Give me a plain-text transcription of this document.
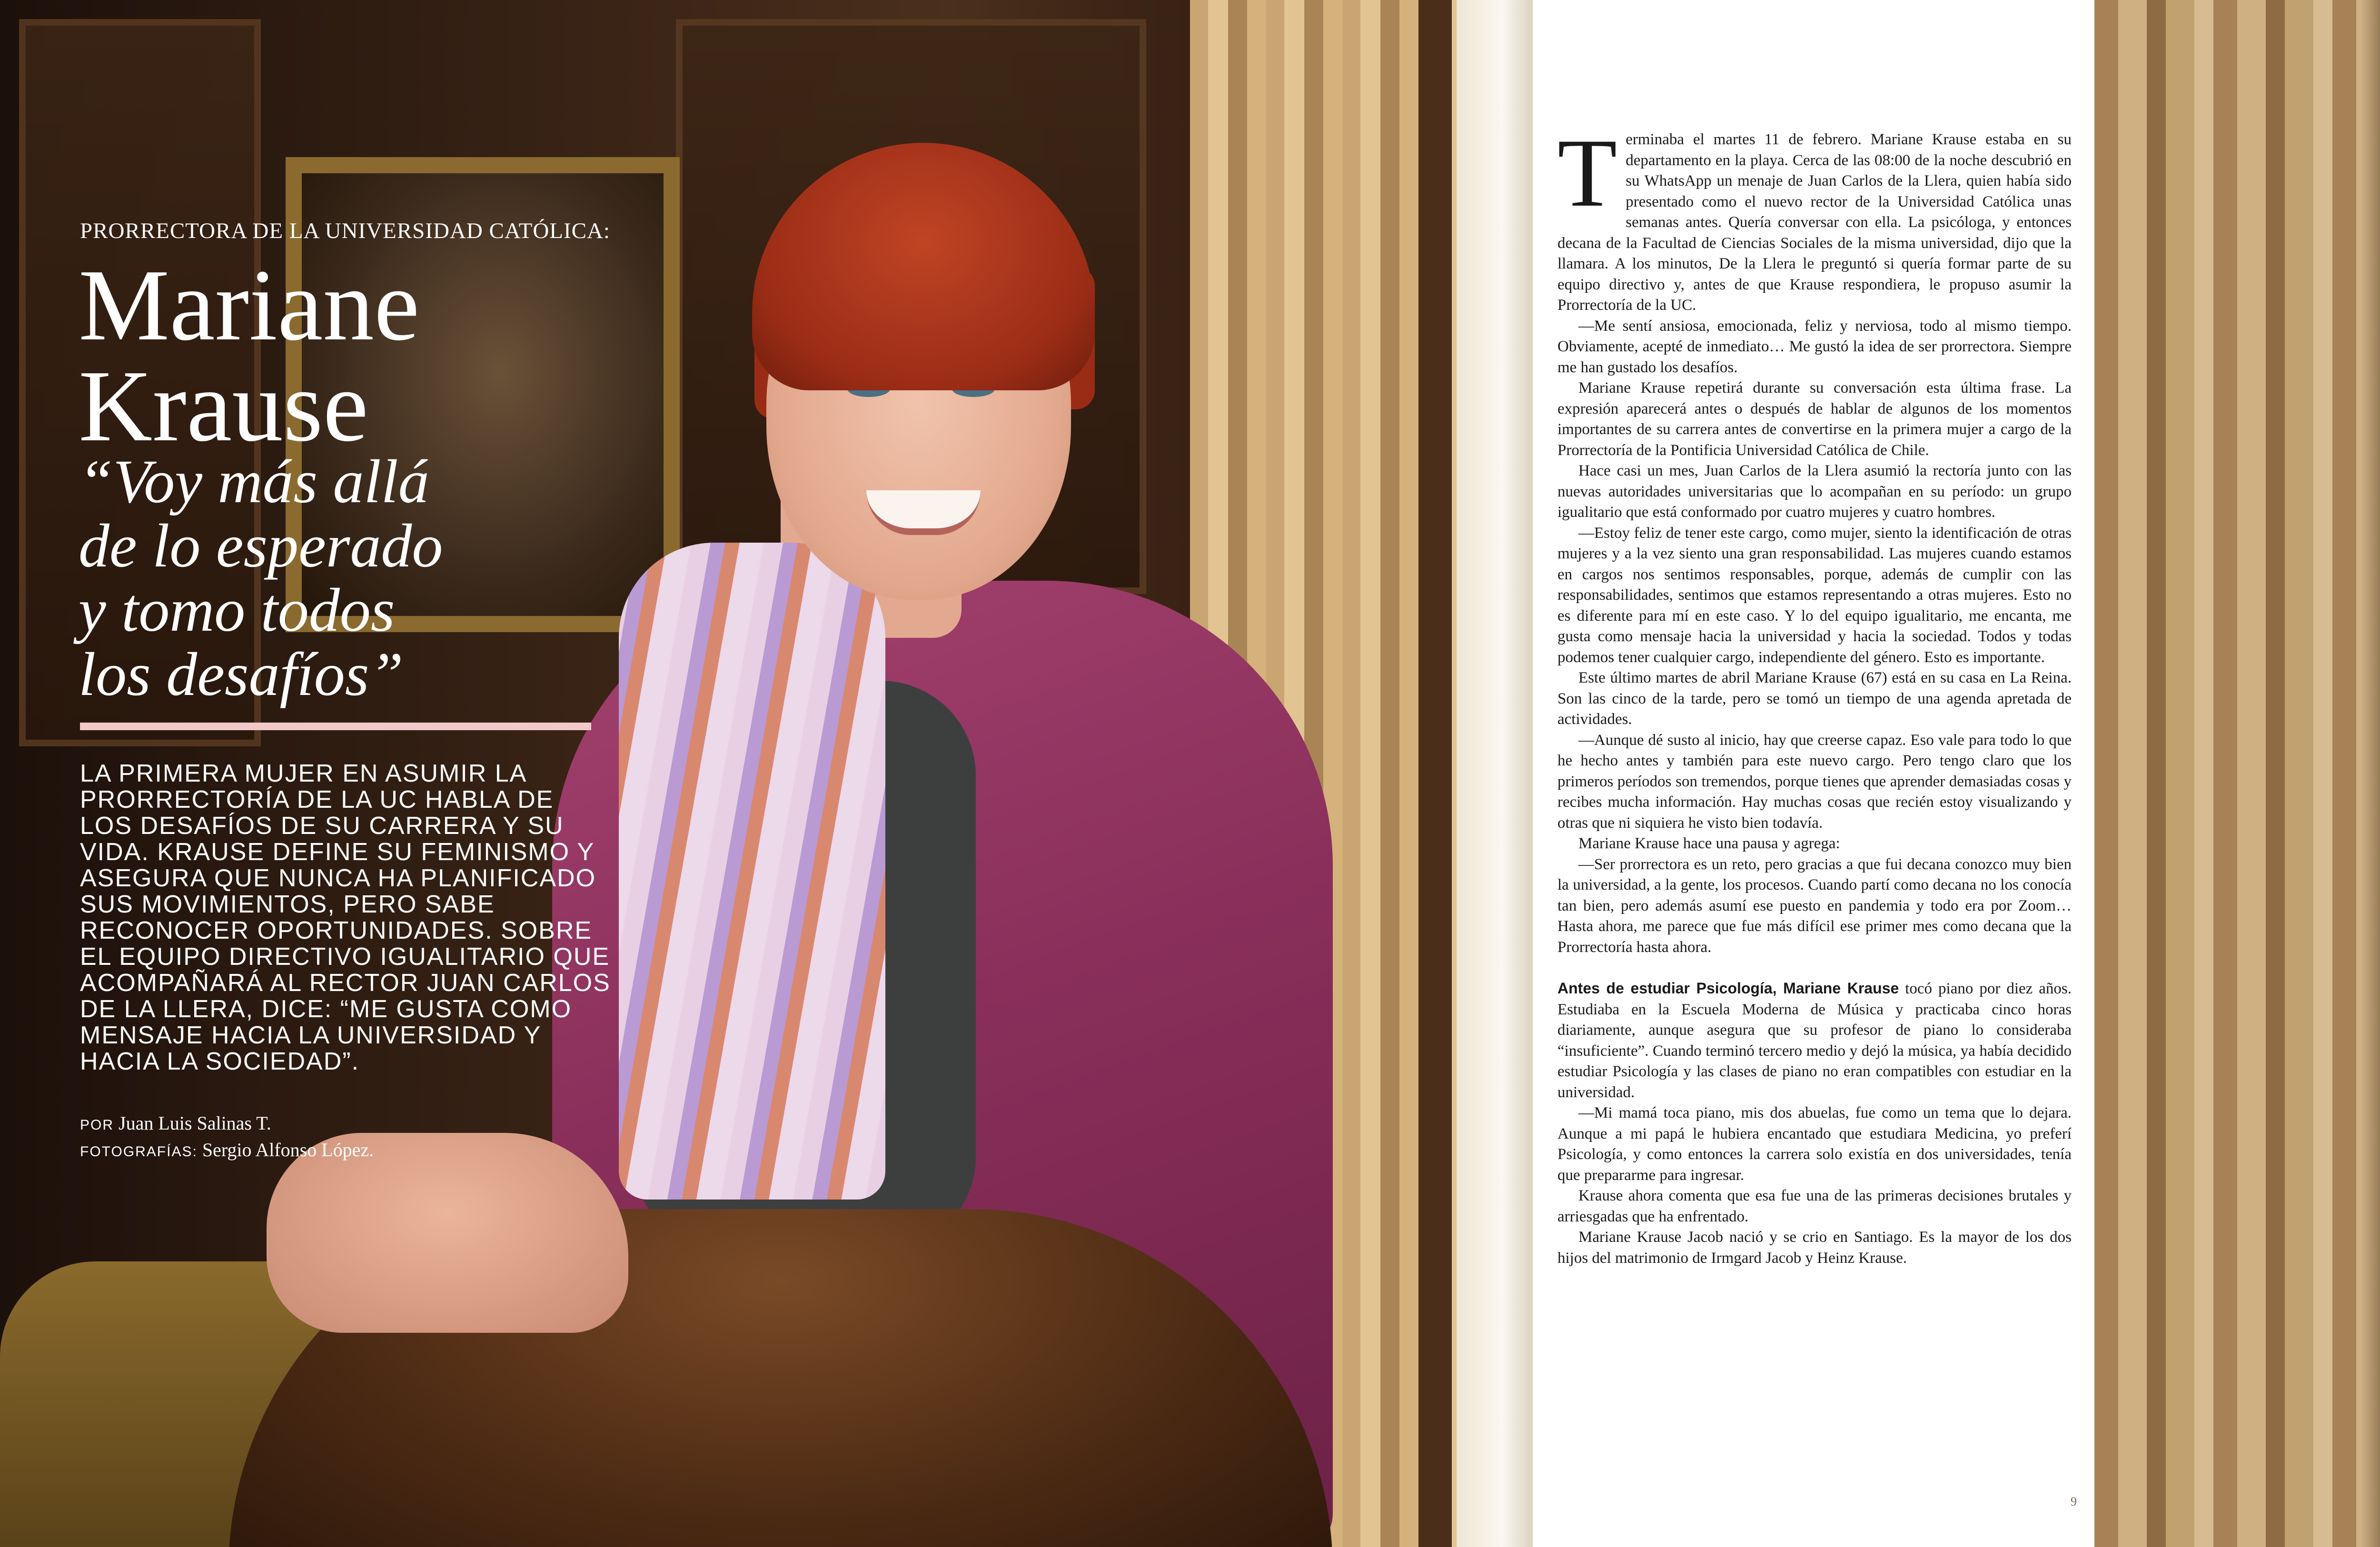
PRORRECTORA DE LA UNIVERSIDAD CATÓLICA:

Mariane
Krause
“Voy más allá
de lo esperado
y tomo todos
los desafíos”

LA PRIMERA MUJER EN ASUMIR LA PRORRECTORÍA DE LA UC HABLA DE LOS DESAFÍOS DE SU CARRERA Y SU VIDA. KRAUSE DEFINE SU FEMINISMO Y ASEGURA QUE NUNCA HA PLANIFICADO SUS MOVIMIENTOS, PERO SABE RECONOCER OPORTUNIDADES. SOBRE EL EQUIPO DIRECTIVO IGUALITARIO QUE ACOMPAÑARÁ AL RECTOR JUAN CARLOS DE LA LLERA, DICE: “ME GUSTA COMO MENSAJE HACIA LA UNIVERSIDAD Y HACIA LA SOCIEDAD”.

POR Juan Luis Salinas T.
FOTOGRAFÍAS: Sergio Alfonso López.

Terminaba el martes 11 de febrero. Mariane Krause estaba en su departamento en la playa. Cerca de las 08:00 de la noche descubrió en su WhatsApp un menaje de Juan Carlos de la Llera, quien había sido presentado como el nuevo rector de la Universidad Católica unas semanas antes. Quería conversar con ella. La psicóloga, y entonces decana de la Facultad de Ciencias Sociales de la misma universidad, dijo que la llamara. A los minutos, De la Llera le preguntó si quería formar parte de su equipo directivo y, antes de que Krause respondiera, le propuso asumir la Prorrectoría de la UC.

—Me sentí ansiosa, emocionada, feliz y nerviosa, todo al mismo tiempo. Obviamente, acepté de inmediato… Me gustó la idea de ser prorrectora. Siempre me han gustado los desafíos.

Mariane Krause repetirá durante su conversación esta última frase. La expresión aparecerá antes o después de hablar de algunos de los momentos importantes de su carrera antes de convertirse en la primera mujer a cargo de la Prorrectoría de la Pontificia Universidad Católica de Chile.

Hace casi un mes, Juan Carlos de la Llera asumió la rectoría junto con las nuevas autoridades universitarias que lo acompañan en su período: un grupo igualitario que está conformado por cuatro mujeres y cuatro hombres.

—Estoy feliz de tener este cargo, como mujer, siento la identificación de otras mujeres y a la vez siento una gran responsabilidad. Las mujeres cuando estamos en cargos nos sentimos responsables, porque, además de cumplir con las responsabilidades, sentimos que estamos representando a otras mujeres. Esto no es diferente para mí en este caso. Y lo del equipo igualitario, me encanta, me gusta como mensaje hacia la universidad y hacia la sociedad. Todos y todas podemos tener cualquier cargo, independiente del género. Esto es importante.

Este último martes de abril Mariane Krause (67) está en su casa en La Reina. Son las cinco de la tarde, pero se tomó un tiempo de una agenda apretada de actividades.

—Aunque dé susto al inicio, hay que creerse capaz. Eso vale para todo lo que he hecho antes y también para este nuevo cargo. Pero tengo claro que los primeros períodos son tremendos, porque tienes que aprender demasiadas cosas y recibes mucha información. Hay muchas cosas que recién estoy visualizando y otras que ni siquiera he visto bien todavía.

Mariane Krause hace una pausa y agrega:

—Ser prorrectora es un reto, pero gracias a que fui decana conozco muy bien la universidad, a la gente, los procesos. Cuando partí como decana no los conocía tan bien, pero además asumí ese puesto en pandemia y todo era por Zoom… Hasta ahora, me parece que fue más difícil ese primer mes como decana que la Prorrectoría hasta ahora.

Antes de estudiar Psicología, Mariane Krause tocó piano por diez años. Estudiaba en la Escuela Moderna de Música y practicaba cinco horas diariamente, aunque asegura que su profesor de piano lo consideraba “insuficiente”. Cuando terminó tercero medio y dejó la música, ya había decidido estudiar Psicología y las clases de piano no eran compatibles con estudiar en la universidad.

—Mi mamá toca piano, mis dos abuelas, fue como un tema que lo dejara. Aunque a mi papá le hubiera encantado que estudiara Medicina, yo preferí Psicología, y como entonces la carrera solo existía en dos universidades, tenía que prepararme para ingresar.

Krause ahora comenta que esa fue una de las primeras decisiones brutales y arriesgadas que ha enfrentado.

Mariane Krause Jacob nació y se crio en Santiago. Es la mayor de los dos hijos del matrimonio de Irmgard Jacob y Heinz Krause.

9
